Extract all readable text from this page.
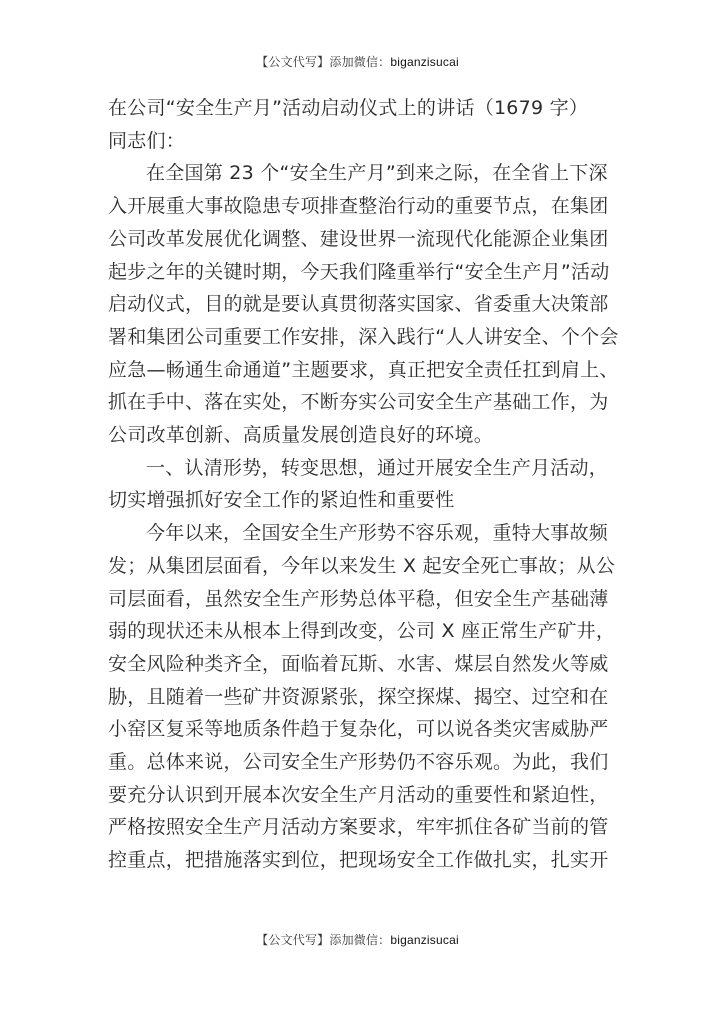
【公文代写】添加微信：biganzisucai
在公司“安全生产月”活动启动仪式上的讲话（1679 字）
同志们：
在全国第 23 个“安全生产月”到来之际，在全省上下深
入开展重大事故隐患专项排查整治行动的重要节点，在集团
公司改革发展优化调整、建设世界一流现代化能源企业集团
起步之年的关键时期，今天我们隆重举行“安全生产月”活动
启动仪式，目的就是要认真贯彻落实国家、省委重大决策部
署和集团公司重要工作安排，深入践行“人人讲安全、个个会
应急—畅通生命通道”主题要求，真正把安全责任扛到肩上、
抓在手中、落在实处，不断夯实公司安全生产基础工作，为
公司改革创新、高质量发展创造良好的环境。
一、认清形势，转变思想，通过开展安全生产月活动，
切实增强抓好安全工作的紧迫性和重要性
今年以来，全国安全生产形势不容乐观，重特大事故频
发；从集团层面看，今年以来发生 X 起安全死亡事故；从公
司层面看，虽然安全生产形势总体平稳，但安全生产基础薄
弱的现状还未从根本上得到改变，公司 X 座正常生产矿井，
安全风险种类齐全，面临着瓦斯、水害、煤层自然发火等威
胁，且随着一些矿井资源紧张，探空探煤、揭空、过空和在
小窑区复采等地质条件趋于复杂化，可以说各类灾害威胁严
重。总体来说，公司安全生产形势仍不容乐观。为此，我们
要充分认识到开展本次安全生产月活动的重要性和紧迫性，
严格按照安全生产月活动方案要求，牢牢抓住各矿当前的管
控重点，把措施落实到位，把现场安全工作做扎实，扎实开
【公文代写】添加微信：biganzisucai
